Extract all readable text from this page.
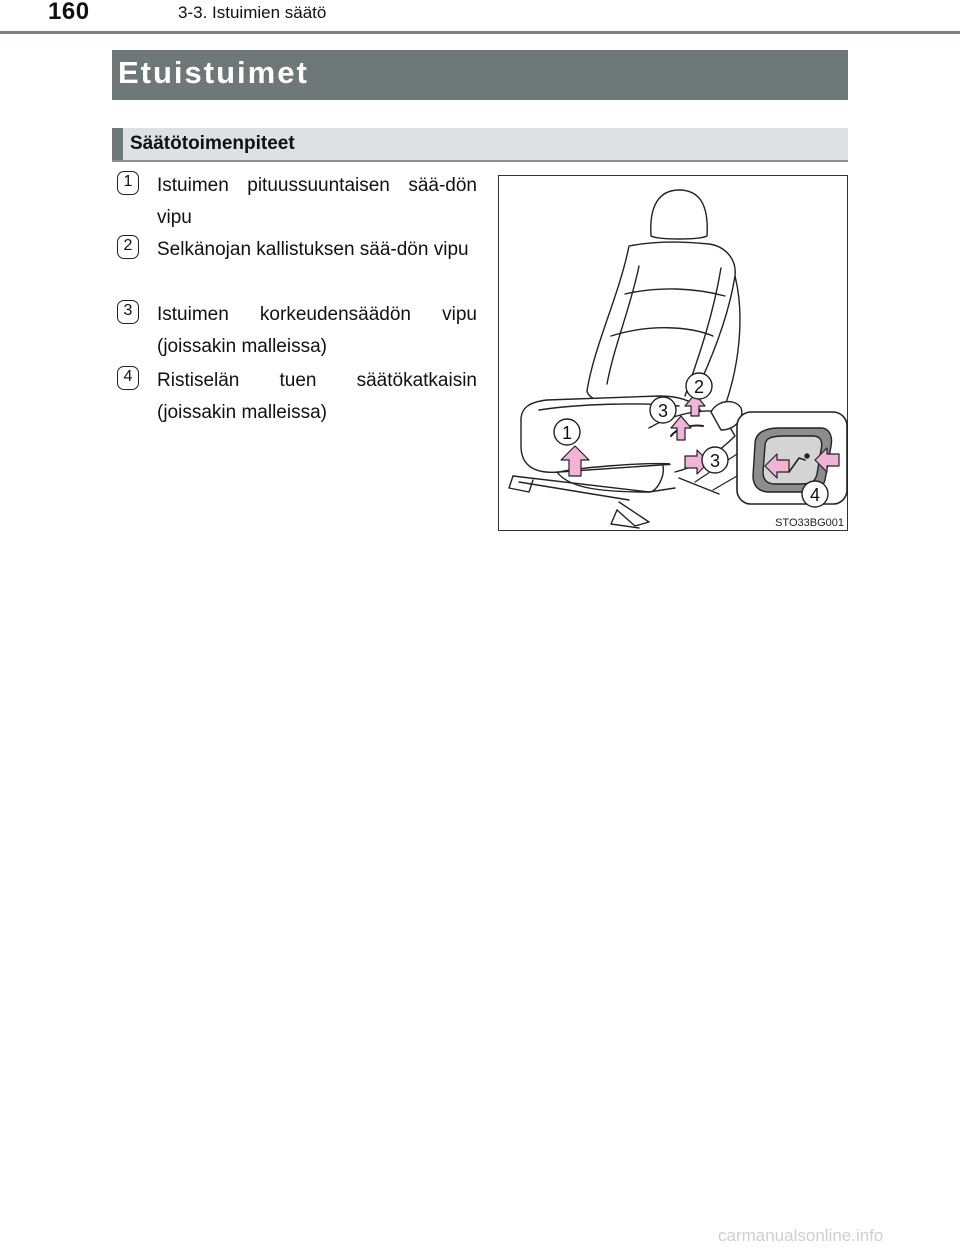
160	3-3. Istuimien säätö
Etuistuimet
Säätötoimenpiteet
1	Istuimen pituussuuntaisen sää-dön vipu
2	Selkänojan kallistuksen sää-dön vipu
3	Istuimen korkeudensäädön vipu (joissakin malleissa)
4	Ristiselän tuen säätökatkaisin (joissakin malleissa)
1
3
2
3
4
STO33BG001
carmanualsonline.info
